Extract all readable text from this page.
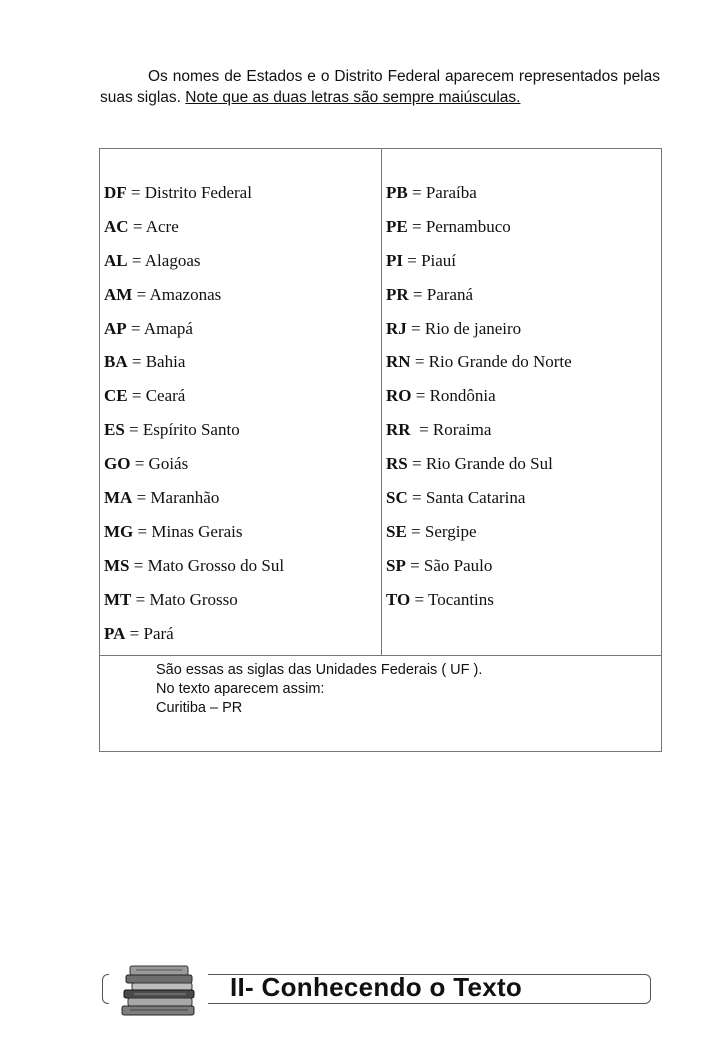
Os nomes de Estados e o Distrito Federal aparecem representados pelas suas siglas. Note que as duas letras são sempre maiúsculas.

DF = Distrito Federal
AC = Acre
AL = Alagoas
AM = Amazonas
AP = Amapá
BA = Bahia
CE = Ceará
ES = Espírito Santo
GO = Goiás
MA = Maranhão
MG = Minas Gerais
MS = Mato Grosso do Sul
MT = Mato Grosso
PA = Pará
PB = Paraíba
PE = Pernambuco
PI = Piauí
PR = Paraná
RJ = Rio de janeiro
RN = Rio Grande do Norte
RO = Rondônia
RR  = Roraima
RS = Rio Grande do Sul
SC = Santa Catarina
SE = Sergipe
SP = São Paulo
TO = Tocantins
São essas as siglas das Unidades Federais ( UF ).
No texto aparecem assim:
Curitiba – PR
II- Conhecendo o Texto
